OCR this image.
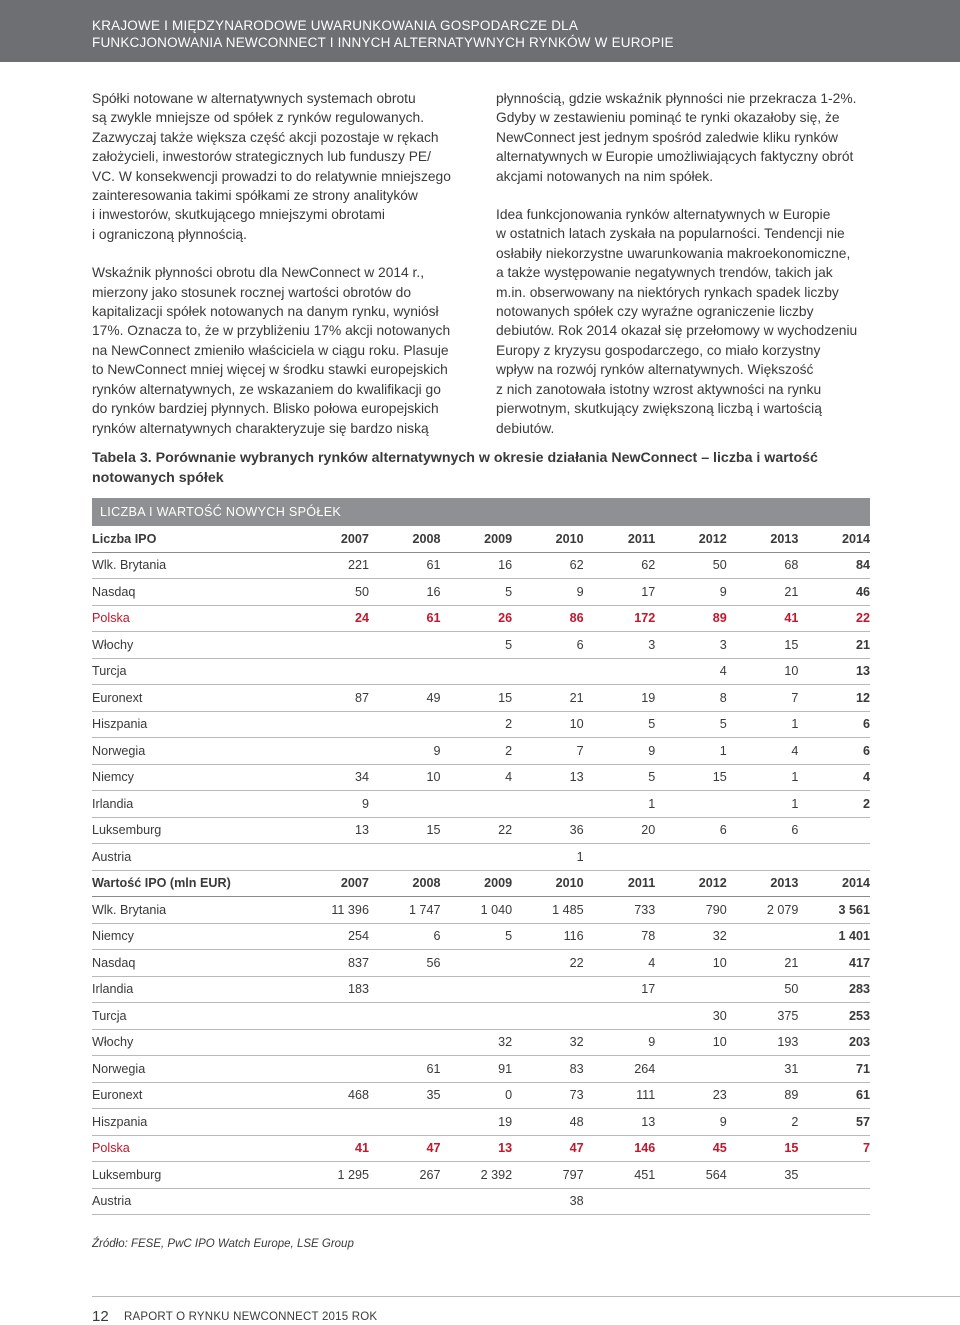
KRAJOWE I MIĘDZYNARODOWE UWARUNKOWANIA GOSPODARCZE DLA
FUNKCJONOWANIA NEWCONNECT I INNYCH ALTERNATYWNYCH RYNKÓW W EUROPIE
Spółki notowane w alternatywnych systemach obrotu
są zwykle mniejsze od spółek z rynków regulowanych.
Zazwyczaj także większa część akcji pozostaje w rękach
założycieli, inwestorów strategicznych lub funduszy PE/
VC. W konsekwencji prowadzi to do relatywnie mniejszego
zainteresowania takimi spółkami ze strony analityków
i inwestorów, skutkującego mniejszymi obrotami
i ograniczoną płynnością.
Wskaźnik płynności obrotu dla NewConnect w 2014 r.,
mierzony jako stosunek rocznej wartości obrotów do
kapitalizacji spółek notowanych na danym rynku, wyniósł
17%. Oznacza to, że w przybliżeniu 17% akcji notowanych
na NewConnect zmieniło właściciela w ciągu roku. Plasuje
to NewConnect mniej więcej w środku stawki europejskich
rynków alternatywnych, ze wskazaniem do kwalifikacji go
do rynków bardziej płynnych. Blisko połowa europejskich
rynków alternatywnych charakteryzuje się bardzo niską
płynnością, gdzie wskaźnik płynności nie przekracza 1-2%.
Gdyby w zestawieniu pominąć te rynki okazałoby się, że
NewConnect jest jednym spośród zaledwie kliku rynków
alternatywnych w Europie umożliwiających faktyczny obrót
akcjami notowanych na nim spółek.
Idea funkcjonowania rynków alternatywnych w Europie
w ostatnich latach zyskała na popularności. Tendencji nie
osłabiły niekorzystne uwarunkowania makroekonomiczne,
a także występowanie negatywnych trendów, takich jak
m.in. obserwowany na niektórych rynkach spadek liczby
notowanych spółek czy wyraźne ograniczenie liczby
debiutów. Rok 2014 okazał się przełomowy w wychodzeniu
Europy z kryzysu gospodarczego, co miało korzystny
wpływ na rozwój rynków alternatywnych. Większość
z nich zanotowała istotny wzrost aktywności na rynku
pierwotnym, skutkujący zwiększoną liczbą i wartością
debiutów.
Tabela 3. Porównanie wybranych rynków alternatywnych w okresie działania NewConnect – liczba i wartość
notowanych spółek
LICZBA I WARTOŚĆ NOWYCH SPÓŁEK								
Liczba IPO	2007	2008	2009	2010	2011	2012	2013	2014
Wlk. Brytania	221	61	16	62	62	50	68	84
Nasdaq	50	16	5	9	17	9	21	46
Polska	24	61	26	86	172	89	41	22
Włochy			5	6	3	3	15	21
Turcja						4	10	13
Euronext	87	49	15	21	19	8	7	12
Hiszpania			2	10	5	5	1	6
Norwegia		9	2	7	9	1	4	6
Niemcy	34	10	4	13	5	15	1	4
Irlandia	9				1		1	2
Luksemburg	13	15	22	36	20	6	6	
Austria				1				
Wartość IPO (mln EUR)	2007	2008	2009	2010	2011	2012	2013	2014
Wlk. Brytania	11 396	1 747	1 040	1 485	733	790	2 079	3 561
Niemcy	254	6	5	116	78	32		1 401
Nasdaq	837	56		22	4	10	21	417
Irlandia	183				17		50	283
Turcja						30	375	253
Włochy			32	32	9	10	193	203
Norwegia		61	91	83	264		31	71
Euronext	468	35	0	73	111	23	89	61
Hiszpania			19	48	13	9	2	57
Polska	41	47	13	47	146	45	15	7
Luksemburg	1 295	267	2 392	797	451	564	35	
Austria				38				
Źródło: FESE, PwC IPO Watch Europe, LSE Group
12 RAPORT O RYNKU NEWCONNECT 2015 ROK
